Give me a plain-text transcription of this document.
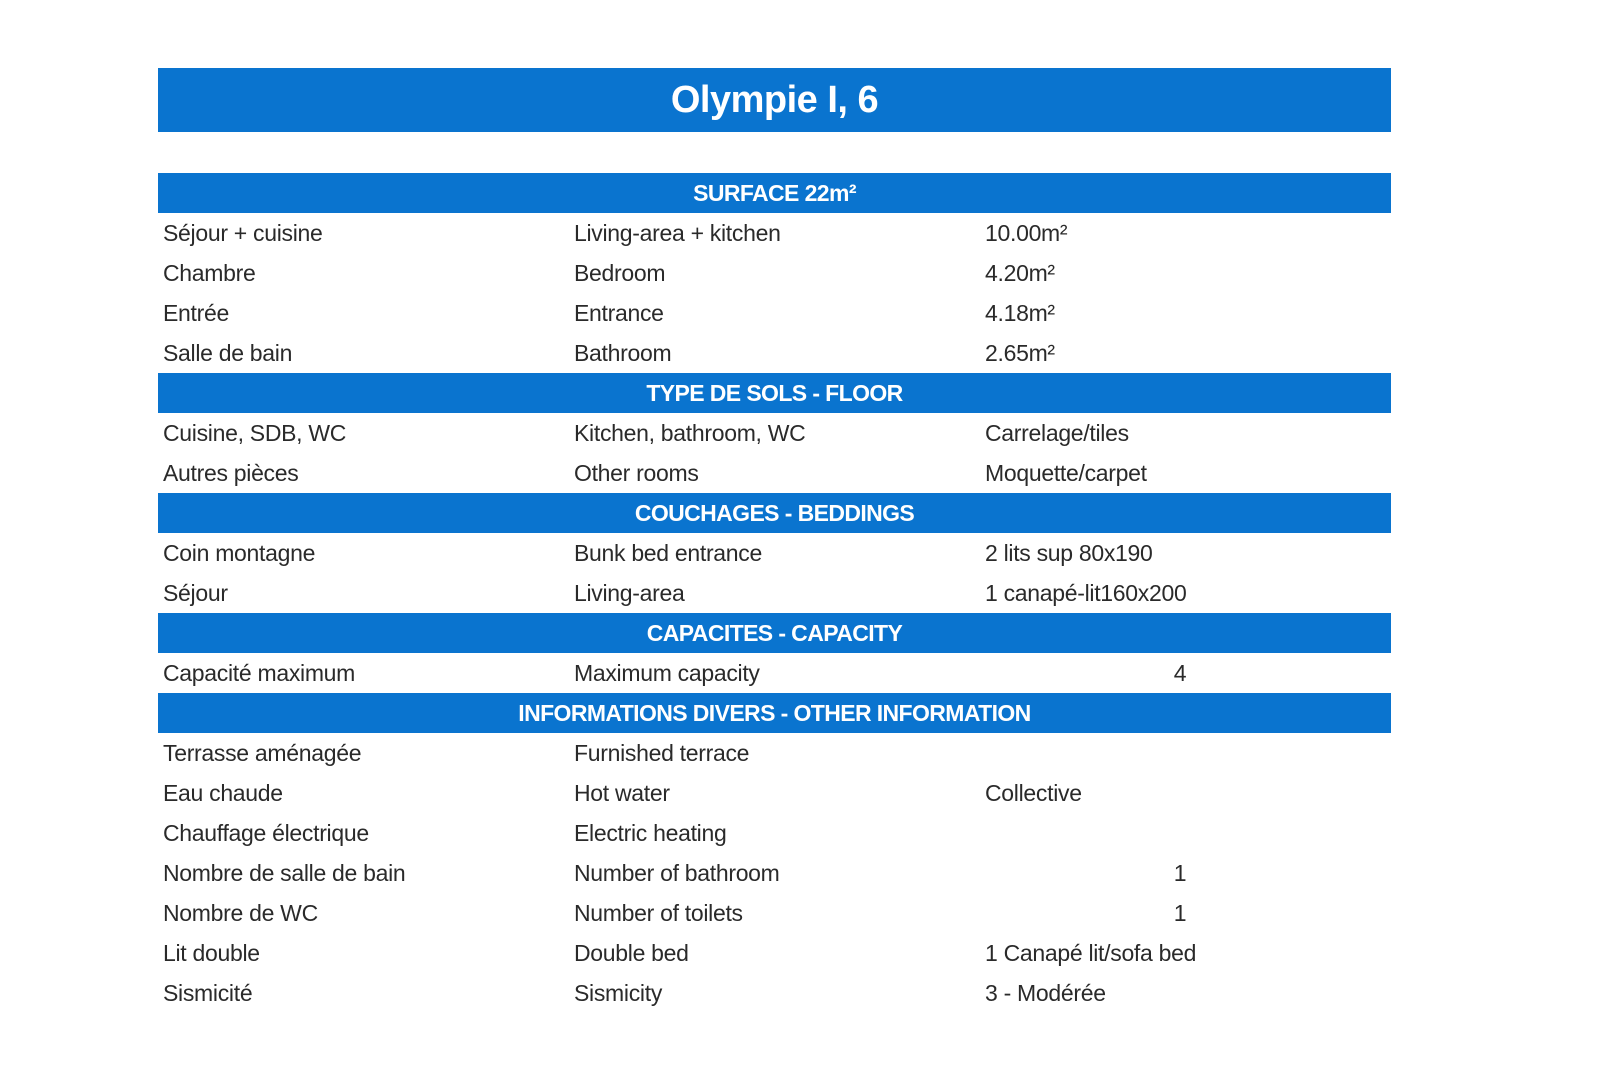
Olympie I, 6
SURFACE 22m²
Séjour + cuisine	Living-area + kitchen	10.00m²
Chambre	Bedroom	4.20m²
Entrée	Entrance	4.18m²
Salle de bain	Bathroom	2.65m²
TYPE DE SOLS - FLOOR
Cuisine, SDB, WC	Kitchen, bathroom, WC	Carrelage/tiles
Autres pièces	Other rooms	Moquette/carpet
COUCHAGES - BEDDINGS
Coin montagne	Bunk bed entrance	2 lits sup 80x190
Séjour	Living-area	1 canapé-lit160x200
CAPACITES - CAPACITY
Capacité maximum	Maximum capacity	4
INFORMATIONS DIVERS - OTHER INFORMATION
Terrasse aménagée	Furnished terrace
Eau chaude	Hot water	Collective
Chauffage électrique	Electric heating
Nombre de salle de bain	Number of bathroom	1
Nombre de WC	Number of toilets	1
Lit double	Double bed	1 Canapé lit/sofa bed
Sismicité	Sismicity	3 - Modérée
